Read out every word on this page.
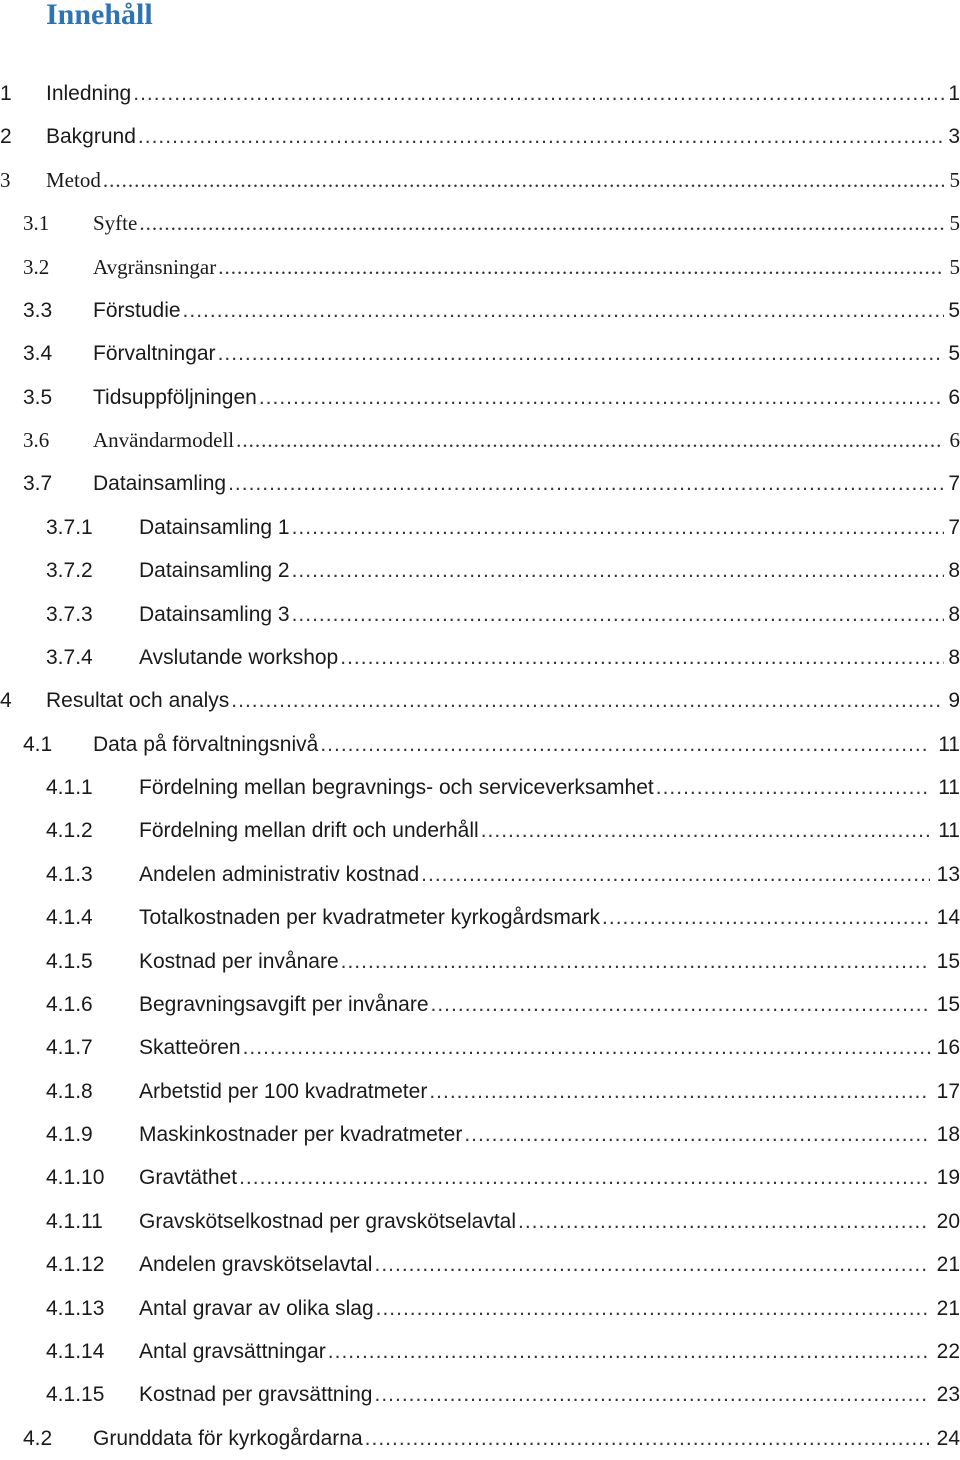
Innehåll
1 Inledning .....	1
2 Bakgrund .....	3
3 Metod .....	5
3.1 Syfte .....	5
3.2 Avgränsningar .....	5
3.3 Förstudie .....	5
3.4 Förvaltningar .....	5
3.5 Tidsuppföljningen .....	6
3.6 Användarmodell .....	6
3.7 Datainsamling .....	7
3.7.1 Datainsamling 1 .....	7
3.7.2 Datainsamling 2 .....	8
3.7.3 Datainsamling 3 .....	8
3.7.4 Avslutande workshop .....	8
4 Resultat och analys .....	9
4.1 Data på förvaltningsnivå .....	11
4.1.1 Fördelning mellan begravnings- och serviceverksamhet .....	11
4.1.2 Fördelning mellan drift och underhåll .....	11
4.1.3 Andelen administrativ kostnad .....	13
4.1.4 Totalkostnaden per kvadratmeter kyrkogårdsmark .....	14
4.1.5 Kostnad per invånare .....	15
4.1.6 Begravningsavgift per invånare .....	15
4.1.7 Skatteören .....	16
4.1.8 Arbetstid per 100 kvadratmeter .....	17
4.1.9 Maskinkostnader per kvadratmeter .....	18
4.1.10 Gravtäthet .....	19
4.1.11 Gravskötselkostnad per gravskötselavtal .....	20
4.1.12 Andelen gravskötselavtal .....	21
4.1.13 Antal gravar av olika slag .....	21
4.1.14 Antal gravsättningar .....	22
4.1.15 Kostnad per gravsättning .....	23
4.2 Grunddata för kyrkogårdarna .....	24
